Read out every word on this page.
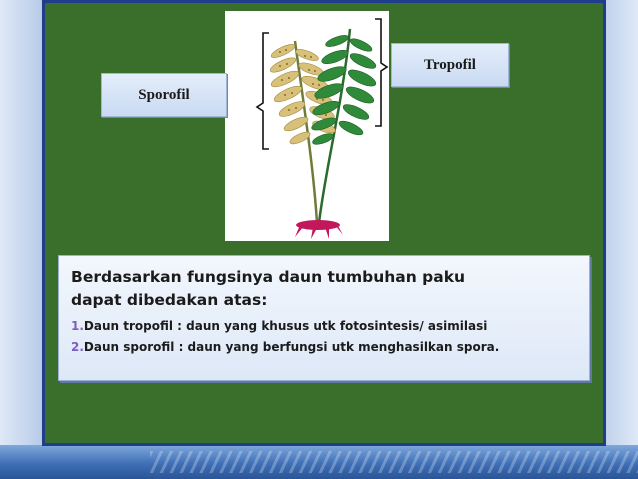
Sporofil
Tropofil
Berdasarkan fungsinya daun tumbuhan paku
dapat dibedakan atas:
1.Daun tropofil : daun yang khusus utk fotosintesis/ asimilasi
2.Daun sporofil : daun yang berfungsi utk menghasilkan spora.
